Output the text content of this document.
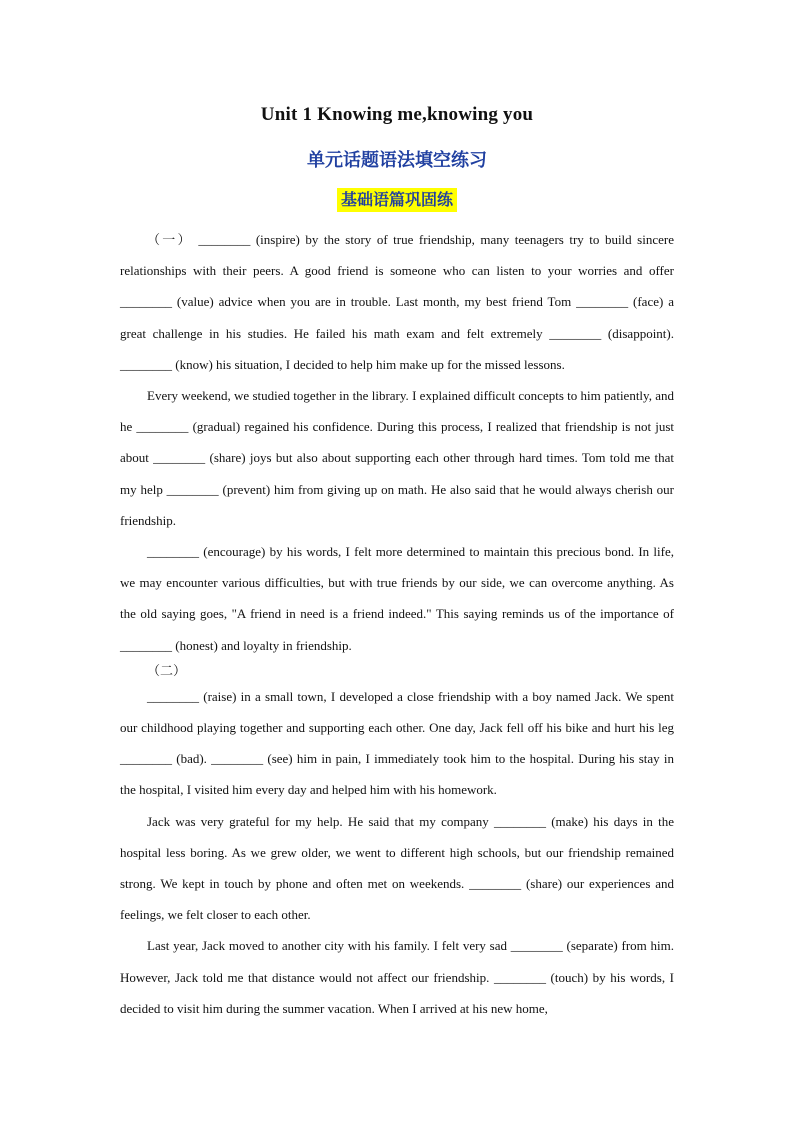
Unit 1 Knowing me,knowing you
单元话题语法填空练习
基础语篇巩固练

（一） ________ (inspire) by the story of true friendship, many teenagers try to build sincere relationships with their peers. A good friend is someone who can listen to your worries and offer ________ (value) advice when you are in trouble. Last month, my best friend Tom ________ (face) a great challenge in his studies. He failed his math exam and felt extremely ________ (disappoint). ________ (know) his situation, I decided to help him make up for the missed lessons.

Every weekend, we studied together in the library. I explained difficult concepts to him patiently, and he ________ (gradual) regained his confidence. During this process, I realized that friendship is not just about ________ (share) joys but also about supporting each other through hard times. Tom told me that my help ________ (prevent) him from giving up on math. He also said that he would always cherish our friendship.

________ (encourage) by his words, I felt more determined to maintain this precious bond. In life, we may encounter various difficulties, but with true friends by our side, we can overcome anything. As the old saying goes, "A friend in need is a friend indeed." This saying reminds us of the importance of ________ (honest) and loyalty in friendship.

（二）

________ (raise) in a small town, I developed a close friendship with a boy named Jack. We spent our childhood playing together and supporting each other. One day, Jack fell off his bike and hurt his leg ________ (bad). ________ (see) him in pain, I immediately took him to the hospital. During his stay in the hospital, I visited him every day and helped him with his homework.

Jack was very grateful for my help. He said that my company ________ (make) his days in the hospital less boring. As we grew older, we went to different high schools, but our friendship remained strong. We kept in touch by phone and often met on weekends. ________ (share) our experiences and feelings, we felt closer to each other.

Last year, Jack moved to another city with his family. I felt very sad ________ (separate) from him. However, Jack told me that distance would not affect our friendship. ________ (touch) by his words, I decided to visit him during the summer vacation. When I arrived at his new home,
